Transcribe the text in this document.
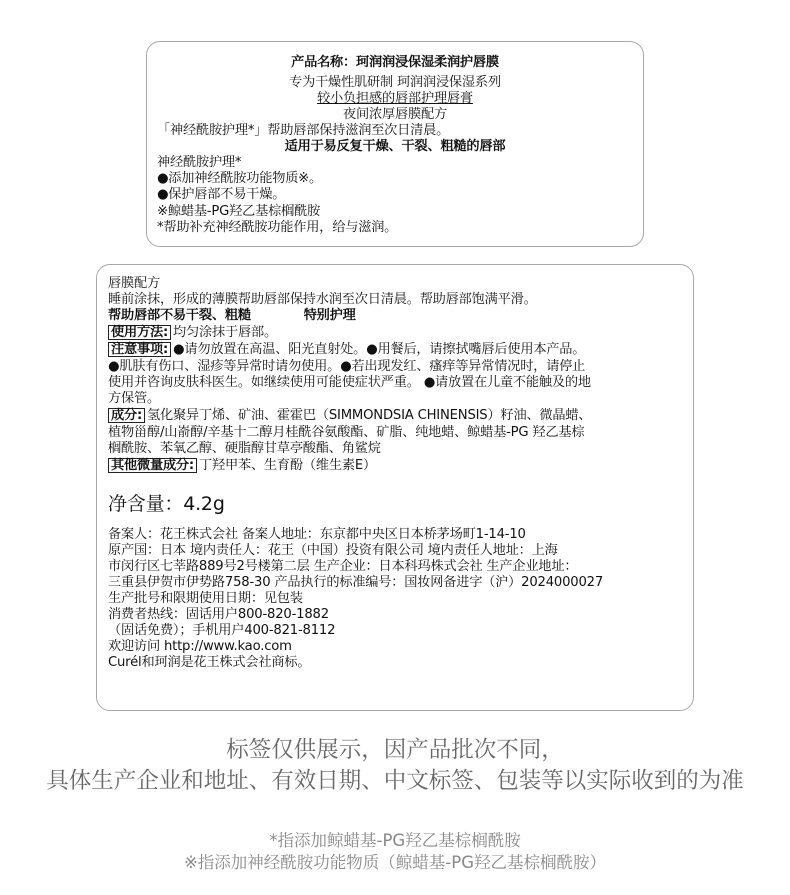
产品名称：珂润润浸保湿柔润护唇膜
专为干燥性肌研制 珂润润浸保湿系列
较小负担感的唇部护理唇膏
夜间浓厚唇膜配方
「神经酰胺护理*」帮助唇部保持滋润至次日清晨。
适用于易反复干燥、干裂、粗糙的唇部
神经酰胺护理*
●添加神经酰胺功能物质※。
●保护唇部不易干燥。
※鲸蜡基-PG羟乙基棕榈酰胺
*帮助补充神经酰胺功能作用，给与滋润。
唇膜配方
睡前涂抹，形成的薄膜帮助唇部保持水润至次日清晨。帮助唇部饱满平滑。
帮助唇部不易干裂、粗糙	特别护理
使用方法: 均匀涂抹于唇部。
注意事项: ●请勿放置在高温、阳光直射处。●用餐后，请擦拭嘴唇后使用本产品。
●肌肤有伤口、湿疹等异常时请勿使用。●若出现发红、瘙痒等异常情况时，请停止
使用并咨询皮肤科医生。如继续使用可能使症状严重。 ●请放置在儿童不能触及的地
方保管。
成分: 氢化聚异丁烯、矿油、霍霍巴（SIMMONDSIA CHINENSIS）籽油、微晶蜡、
植物甾醇/山嵛醇/辛基十二醇月桂酰谷氨酸酯、矿脂、纯地蜡、鲸蜡基-PG 羟乙基棕
榈酰胺、苯氧乙醇、硬脂醇甘草亭酸酯、角鲨烷
其他微量成分: 丁羟甲苯、生育酚（维生素E）
净含量：4.2g
备案人：花王株式会社 备案人地址：东京都中央区日本桥茅场町1-14-10
原产国：日本 境内责任人：花王（中国）投资有限公司 境内责任人地址：上海
市闵行区七莘路889号2号楼第二层 生产企业：日本科玛株式会社 生产企业地址：
三重县伊贺市伊势路758-30 产品执行的标准编号：国妆网备进字（沪）2024000027
生产批号和限期使用日期：见包装
消费者热线：固话用户800-820-1882
（固话免费）；手机用户400-821-8112
欢迎访问 http://www.kao.com
Curél和珂润是花王株式会社商标。
标签仅供展示，因产品批次不同，
具体生产企业和地址、有效日期、中文标签、包装等以实际收到的为准
*指添加鲸蜡基-PG羟乙基棕榈酰胺
※指添加神经酰胺功能物质（鲸蜡基-PG羟乙基棕榈酰胺）
